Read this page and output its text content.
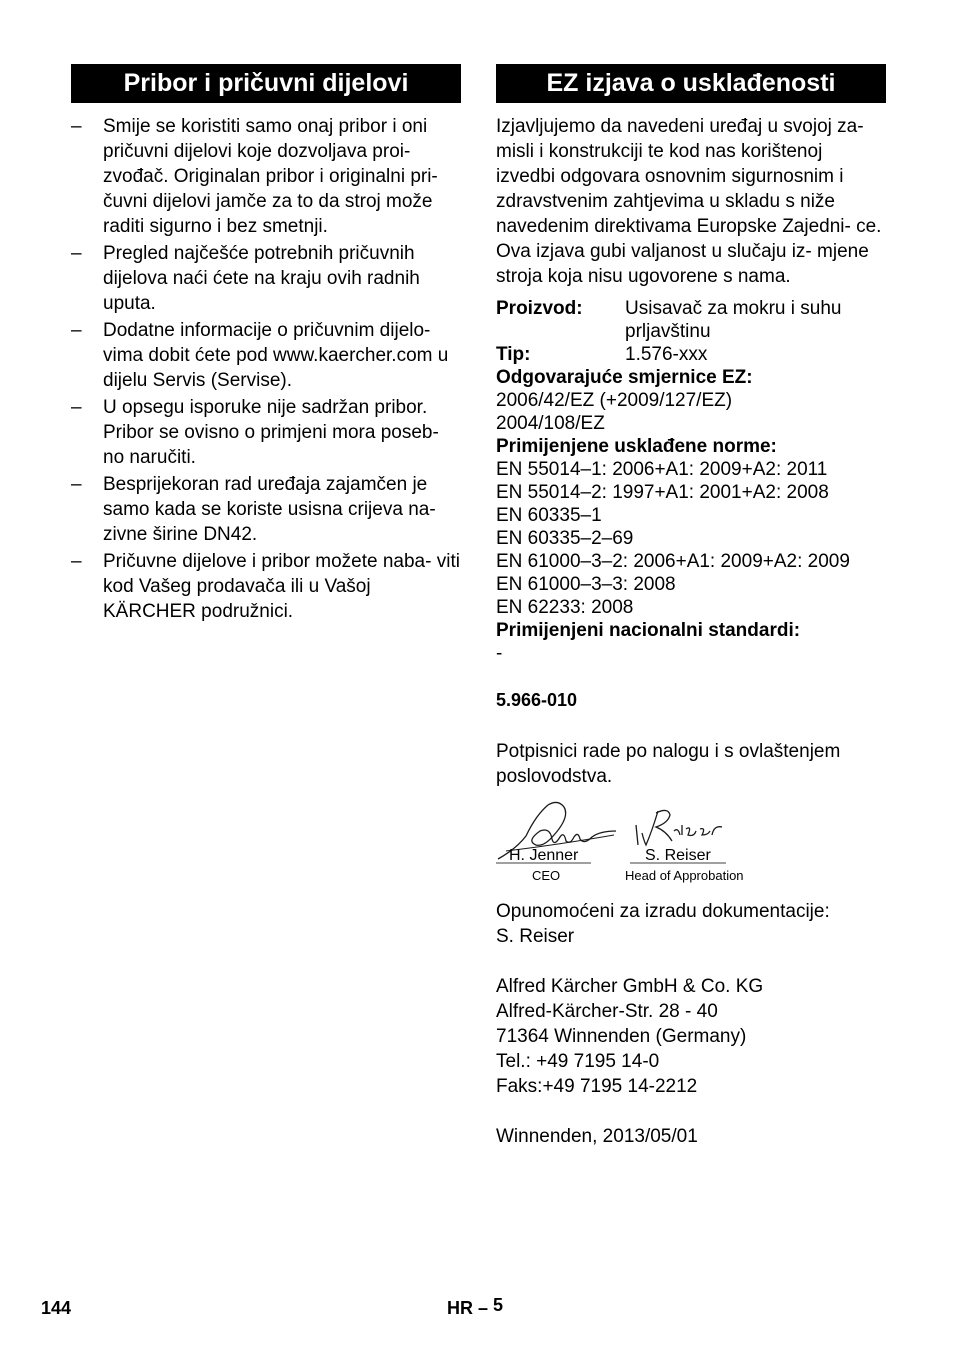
Pribor i pričuvni dijelovi
– Smije se koristiti samo onaj pribor i oni pričuvni dijelovi koje dozvoljava proi- zvođač. Originalan pribor i originalni pri- čuvni dijelovi jamče za to da stroj može raditi sigurno i bez smetnji.
– Pregled najčešće potrebnih pričuvnih dijelova naći ćete na kraju ovih radnih uputa.
– Dodatne informacije o pričuvnim dijelo- vima dobit ćete pod www.kaercher.com u dijelu Servis (Servise).
– U opsegu isporuke nije sadržan pribor. Pribor se ovisno o primjeni mora poseb- no naručiti.
– Besprijekoran rad uređaja zajamčen je samo kada se koriste usisna crijeva na- zivne širine DN42.
– Pričuvne dijelove i pribor možete naba- viti kod Vašeg prodavača ili u Vašoj KÄRCHER podružnici.
EZ izjava o usklađenosti

Izjavljujemo da navedeni uređaj u svojoj za- misli i konstrukciji te kod nas korištenoj izvedbi odgovara osnovnim sigurnosnim i zdravstvenim zahtjevima u skladu s niže navedenim direktivama Europske Zajedni- ce. Ova izjava gubi valjanost u slučaju iz- mjene stroja koja nisu ugovorene s nama.

Proizvod:	Usisavač za mokru i suhu prljavštinu
Tip:	1.576-xxx
Odgovarajuće smjernice EZ:
2006/42/EZ (+2009/127/EZ)
2004/108/EZ
Primijenjene usklađene norme:
EN 55014–1: 2006+A1: 2009+A2: 2011
EN 55014–2: 1997+A1: 2001+A2: 2008
EN 60335–1
EN 60335–2–69
EN 61000–3–2: 2006+A1: 2009+A2: 2009
EN 61000–3–3: 2008
EN 62233: 2008
Primijenjeni nacionalni standardi:
-
5.966-010

Potpisnici rade po nalogu i s ovlaštenjem poslovodstva.

H. Jenner
CEO
S. Reiser
Head of Approbation
Opunomoćeni za izradu dokumentacije:
S. Reiser
Alfred Kärcher GmbH & Co. KG
Alfred-Kärcher-Str. 28 - 40
71364 Winnenden (Germany)
Tel.: +49 7195 14-0
Faks:+49 7195 14-2212
Winnenden, 2013/05/01
144	HR – 5
